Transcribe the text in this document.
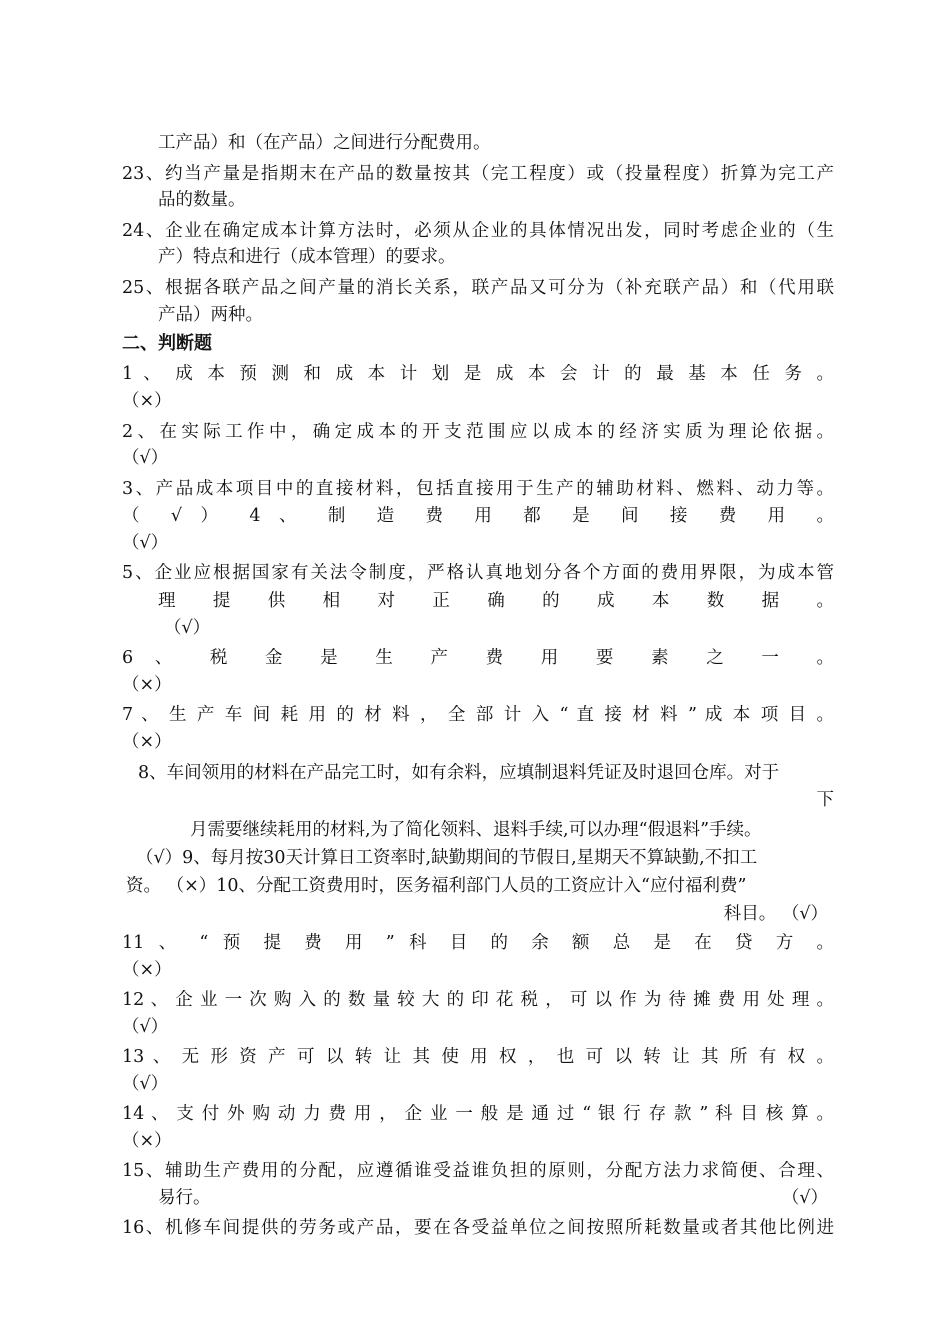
工产品）和（在产品）之间进行分配费用。
23、约当产量是指期末在产品的数量按其（完工程度）或（投量程度）折算为完工产
品的数量。
24、企业在确定成本计算方法时，必须从企业的具体情况出发，同时考虑企业的（生
产）特点和进行（成本管理）的要求。
25、根据各联产品之间产量的消长关系，联产品又可分为（补充联产品）和（代用联
产品）两种。
二、判断题
1 、 成 本 预 测 和 成 本 计 划 是 成 本 会 计 的 最 基 本 任 务 。
（×）
2、在实际工作中，确定成本的开支范围应以成本的经济实质为理论依据。
（√）
3、产品成本项目中的直接材料，包括直接用于生产的辅助材料、燃料、动力等。
（ √ ） 4 、 制 造 费 用 都 是 间 接 费 用 。
（√）
5、企业应根据国家有关法令制度，严格认真地划分各个方面的费用界限，为成本管
理 提 供 相 对 正 确 的 成 本 数 据 。
（√）
6 、 税 金 是 生 产 费 用 要 素 之 一 。
（×）
7 、 生 产 车 间 耗 用 的 材 料 ， 全 部 计 入 “ 直 接 材 料 ” 成 本 项 目 。
（×）
8、车间领用的材料在产品完工时，如有余料，应填制退料凭证及时退回仓库。对于
下
月需要继续耗用的材料,为了简化领料、退料手续,可以办理“假退料”手续。
（√）9、每月按30天计算日工资率时,缺勤期间的节假日,星期天不算缺勤,不扣工
资。 （×）10、分配工资费用时，医务福利部门人员的工资应计入“应付福利费”
科目。 （√）
11 、 “ 预 提 费 用 ” 科 目 的 余 额 总 是 在 贷 方 。
（×）
12 、 企 业 一 次 购 入 的 数 量 较 大 的 印 花 税 ， 可 以 作 为 待 摊 费 用 处 理 。
（√）
13 、 无 形 资 产 可 以 转 让 其 使 用 权 ， 也 可 以 转 让 其 所 有 权 。
（√）
14 、 支 付 外 购 动 力 费 用 ， 企 业 一 般 是 通 过 “ 银 行 存 款 ” 科 目 核 算 。
（×）
15、辅助生产费用的分配，应遵循谁受益谁负担的原则，分配方法力求简便、合理、
易行。	（√）
16、机修车间提供的劳务或产品，要在各受益单位之间按照所耗数量或者其他比例进
